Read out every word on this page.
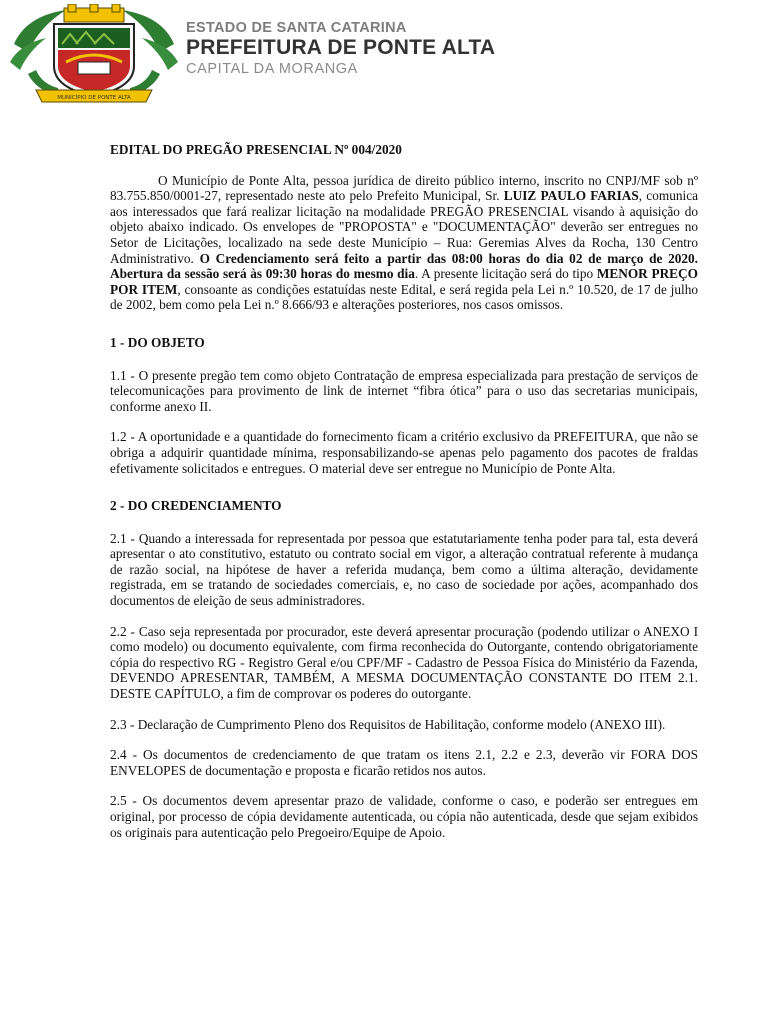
MUNICÍPIO DE PONTE ALTA
ESTADO DE SANTA CATARINA
PREFEITURA DE PONTE ALTA
CAPITAL DA MORANGA

EDITAL DO PREGÃO PRESENCIAL Nº 004/2020

O Município de Ponte Alta, pessoa jurídica de direito público interno, inscrito no CNPJ/MF sob nº 83.755.850/0001-27, representado neste ato pelo Prefeito Municipal, Sr. LUIZ PAULO FARIAS, comunica aos interessados que fará realizar licitação na modalidade PREGÃO PRESENCIAL visando à aquisição do objeto abaixo indicado. Os envelopes de "PROPOSTA" e "DOCUMENTAÇÃO" deverão ser entregues no Setor de Licitações, localizado na sede deste Município – Rua: Geremias Alves da Rocha, 130 Centro Administrativo. O Credenciamento será feito a partir das 08:00 horas do dia 02 de março de 2020. Abertura da sessão será às 09:30 horas do mesmo dia. A presente licitação será do tipo MENOR PREÇO POR ITEM, consoante as condições estatuídas neste Edital, e será regida pela Lei n.º 10.520, de 17 de julho de 2002, bem como pela Lei n.º 8.666/93 e alterações posteriores, nos casos omissos.

1 - DO OBJETO

1.1 - O presente pregão tem como objeto Contratação de empresa especializada para prestação de serviços de telecomunicações para provimento de link de internet “fibra ótica” para o uso das secretarias municipais, conforme anexo II.

1.2 - A oportunidade e a quantidade do fornecimento ficam a critério exclusivo da PREFEITURA, que não se obriga a adquirir quantidade mínima, responsabilizando-se apenas pelo pagamento dos pacotes de fraldas efetivamente solicitados e entregues. O material deve ser entregue no Município de Ponte Alta.

2 - DO CREDENCIAMENTO

2.1 - Quando a interessada for representada por pessoa que estatutariamente tenha poder para tal, esta deverá apresentar o ato constitutivo, estatuto ou contrato social em vigor, a alteração contratual referente à mudança de razão social, na hipótese de haver a referida mudança, bem como a última alteração, devidamente registrada, em se tratando de sociedades comerciais, e, no caso de sociedade por ações, acompanhado dos documentos de eleição de seus administradores.

2.2 - Caso seja representada por procurador, este deverá apresentar procuração (podendo utilizar o ANEXO I como modelo) ou documento equivalente, com firma reconhecida do Outorgante, contendo obrigatoriamente cópia do respectivo RG - Registro Geral e/ou CPF/MF - Cadastro de Pessoa Física do Ministério da Fazenda, DEVENDO APRESENTAR, TAMBÉM, A MESMA DOCUMENTAÇÃO CONSTANTE DO ITEM 2.1. DESTE CAPÍTULO, a fim de comprovar os poderes do outorgante.

2.3 - Declaração de Cumprimento Pleno dos Requisitos de Habilitação, conforme modelo (ANEXO III).

2.4 - Os documentos de credenciamento de que tratam os itens 2.1, 2.2 e 2.3, deverão vir FORA DOS ENVELOPES de documentação e proposta e ficarão retidos nos autos.

2.5 - Os documentos devem apresentar prazo de validade, conforme o caso, e poderão ser entregues em original, por processo de cópia devidamente autenticada, ou cópia não autenticada, desde que sejam exibidos os originais para autenticação pelo Pregoeiro/Equipe de Apoio.
